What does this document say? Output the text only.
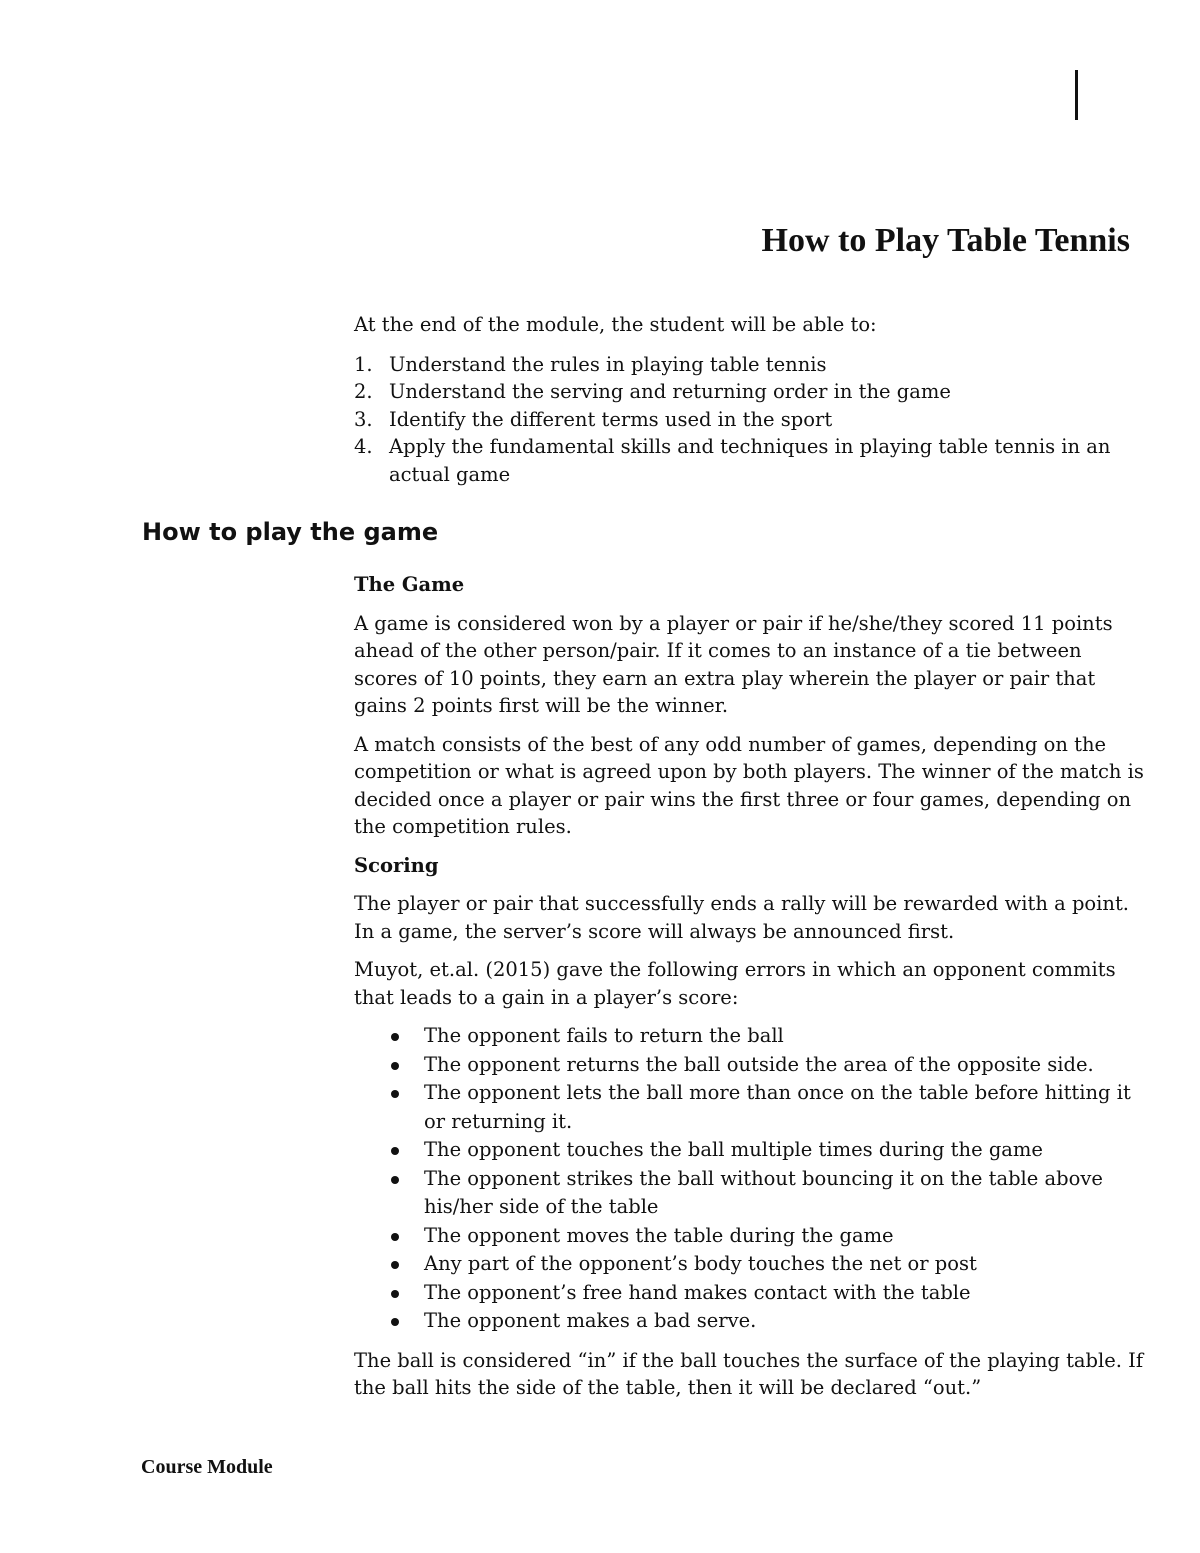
How to Play Table Tennis

At the end of the module, the student will be able to:

1. Understand the rules in playing table tennis
2. Understand the serving and returning order in the game
3. Identify the different terms used in the sport
4. Apply the fundamental skills and techniques in playing table tennis in an actual game
How to play the game
The Game

A game is considered won by a player or pair if he/she/they scored 11 points ahead of the other person/pair. If it comes to an instance of a tie between scores of 10 points, they earn an extra play wherein the player or pair that gains 2 points first will be the winner.

A match consists of the best of any odd number of games, depending on the competition or what is agreed upon by both players. The winner of the match is decided once a player or pair wins the first three or four games, depending on the competition rules.

Scoring

The player or pair that successfully ends a rally will be rewarded with a point. In a game, the server’s score will always be announced first.

Muyot, et.al. (2015) gave the following errors in which an opponent commits that leads to a gain in a player’s score:

The opponent fails to return the ball
The opponent returns the ball outside the area of the opposite side.
The opponent lets the ball more than once on the table before hitting it or returning it.
The opponent touches the ball multiple times during the game
The opponent strikes the ball without bouncing it on the table above his/her side of the table
The opponent moves the table during the game
Any part of the opponent’s body touches the net or post
The opponent’s free hand makes contact with the table
The opponent makes a bad serve.

The ball is considered “in” if the ball touches the surface of the playing table. If the ball hits the side of the table, then it will be declared “out.”

Course Module
